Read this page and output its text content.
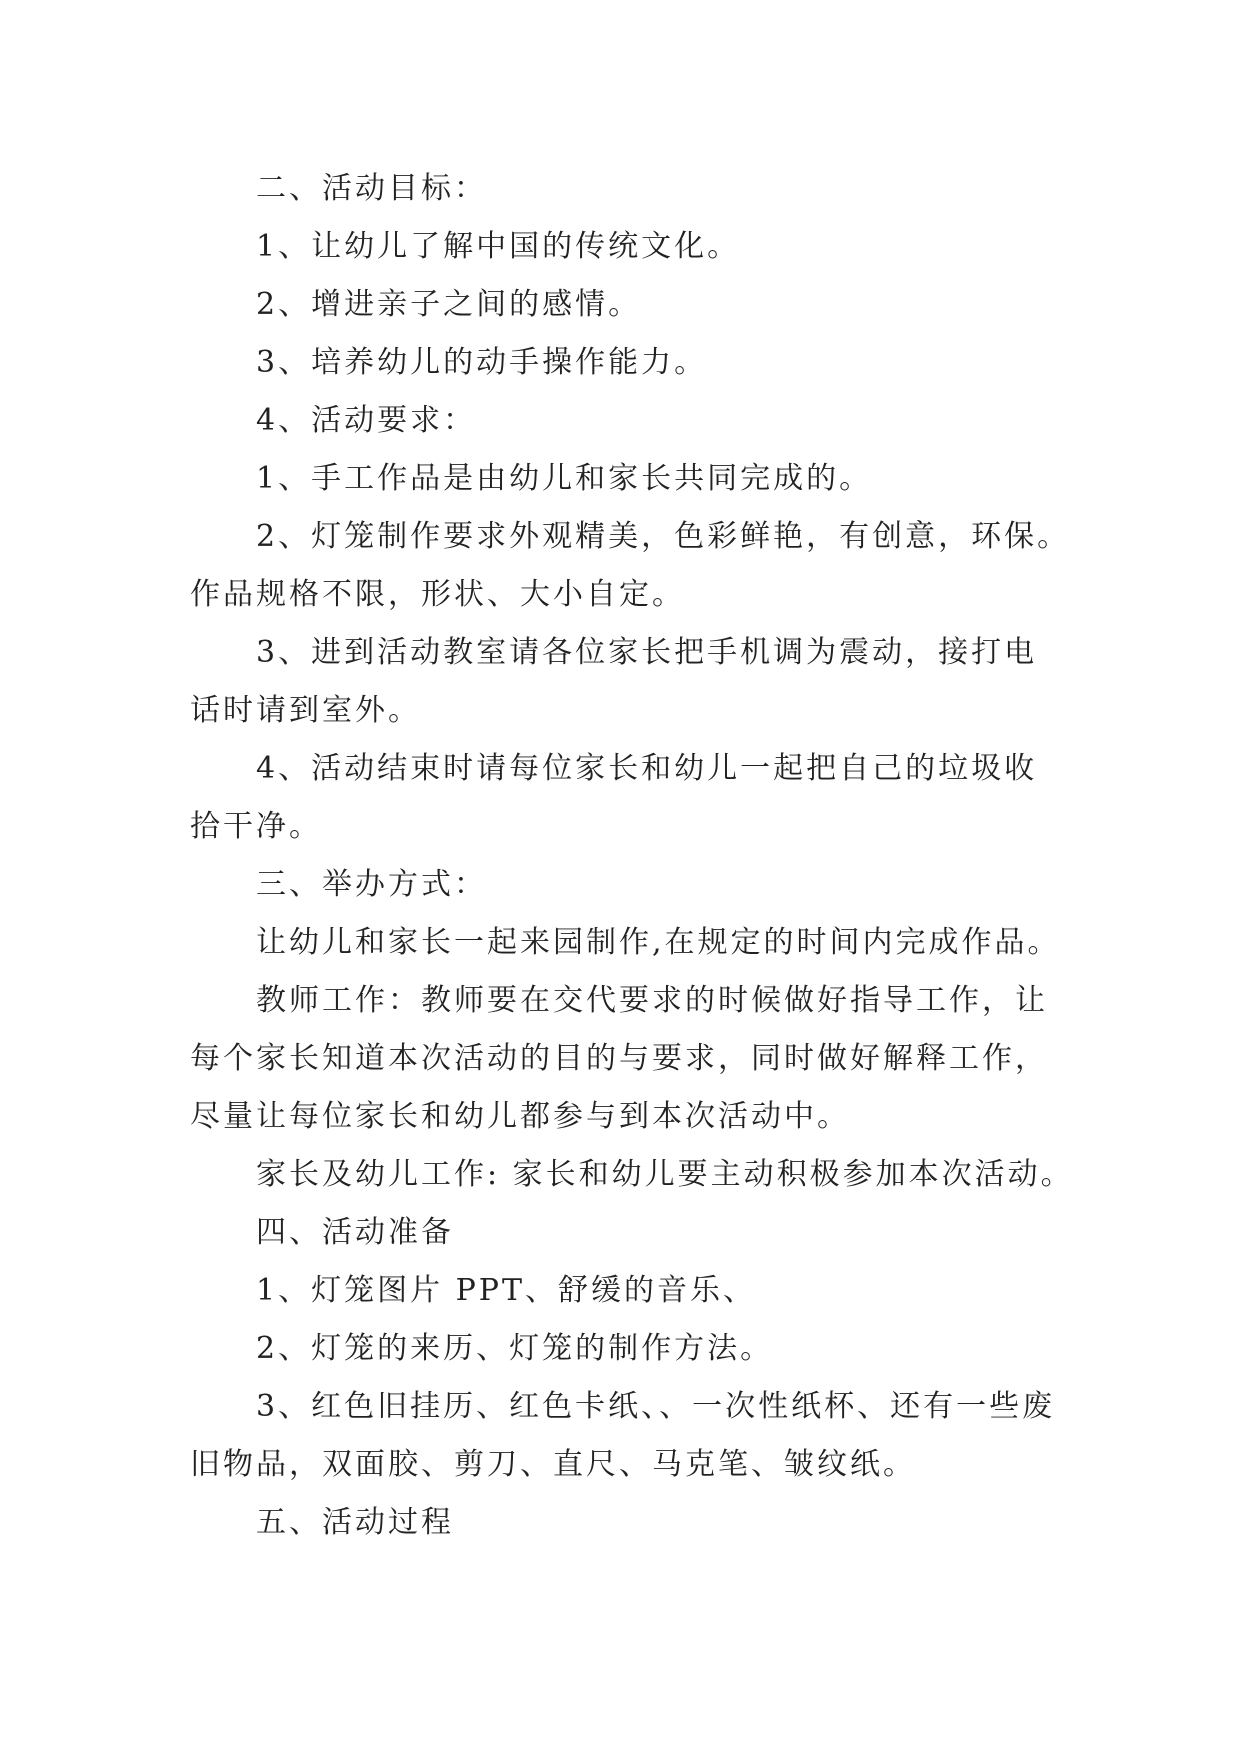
二、活动目标：
1、让幼儿了解中国的传统文化。
2、增进亲子之间的感情。
3、培养幼儿的动手操作能力。
4、活动要求：
1、手工作品是由幼儿和家长共同完成的。
2、灯笼制作要求外观精美，色彩鲜艳，有创意，环保。
作品规格不限，形状、大小自定。
3、进到活动教室请各位家长把手机调为震动，接打电
话时请到室外。
4、活动结束时请每位家长和幼儿一起把自己的垃圾收
拾干净。
三、举办方式：
让幼儿和家长一起来园制作,在规定的时间内完成作品。
教师工作：教师要在交代要求的时候做好指导工作，让
每个家长知道本次活动的目的与要求，同时做好解释工作，
尽量让每位家长和幼儿都参与到本次活动中。
家长及幼儿工作: 家长和幼儿要主动积极参加本次活动。
四、活动准备
1、灯笼图片 PPT、舒缓的音乐、
2、灯笼的来历、灯笼的制作方法。
3、红色旧挂历、红色卡纸、、一次性纸杯、还有一些废
旧物品，双面胶、剪刀、直尺、马克笔、皱纹纸。
五、活动过程
